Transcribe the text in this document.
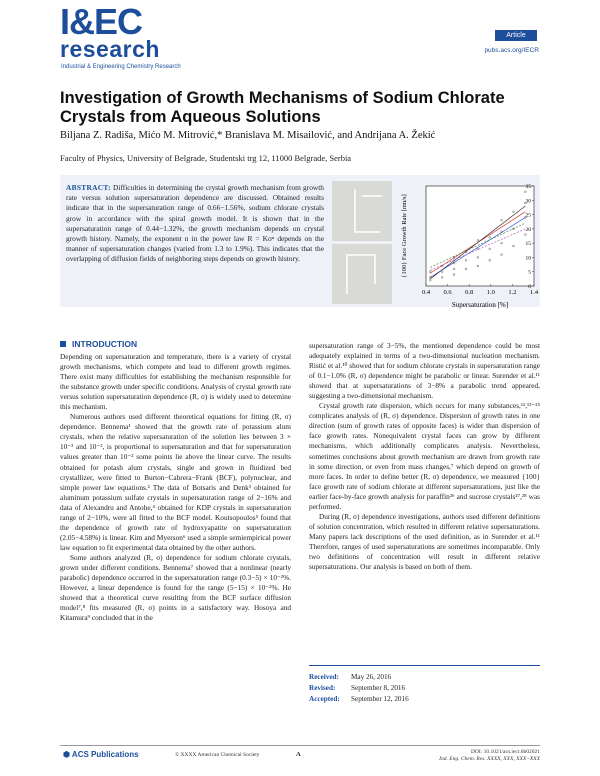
I&EC
research
Industrial & Engineering Chemistry Research
Article
pubs.acs.org/IECR
Investigation of Growth Mechanisms of Sodium Chlorate Crystals from Aqueous Solutions
Biljana Z. Radiša, Mićo M. Mitrović,* Branislava M. Misailović, and Andrijana A. Žekić
Faculty of Physics, University of Belgrade, Studentski trg 12, 11000 Belgrade, Serbia
ABSTRACT: Difficulties in determining the crystal growth mechanism from growth rate versus solution supersaturation dependence are discussed. Obtained results indicate that in the supersaturation range of 0.66−1.56%, sodium chlorate crystals grow in accordance with the spiral growth model. It is shown that in the supersaturation range of 0.44−1.32%, the growth mechanism depends on crystal growth history. Namely, the exponent n in the power law R = Kσⁿ depends on the manner of supersaturation changes (varied from 1.3 to 1.9%). This indicates that the overlapping of diffusion fields of neighboring steps depends on growth history.
0.4 0.6 0.8 1.0 1.2 1.4
0
5
10
15
20
25
30
35
Supersaturation [%]
{100} Face Growth Rate [nm/s]
INTRODUCTION

Depending on supersaturation and temperature, there is a variety of crystal growth mechanisms, which compete and lead to different growth regimes. There exist many difficulties for establishing the mechanism responsible for the substance growth under specific conditions. Analysis of crystal growth rate versus solution supersaturation dependence (R, σ) is widely used to determine this mechanism.

Numerous authors used different theoretical equations for fitting (R, σ) dependence. Bennema¹ showed that the growth rate of potassium alum crystals, when the relative supersaturation of the solution lies between 3 × 10⁻³ and 10⁻², is proportional to supersaturation and that for supersaturation values greater than 10⁻² some points lie above the linear curve. The results obtained for potash alum crystals, single and grown in fluidized bed crystallizer, were fitted to Burton−Cabrera−Frank (BCF), polynuclear, and simple power law equations.² The data of Botsaris and Denk³ obtained for aluminum potassium sulfate crystals in supersaturation range of 2−16% and data of Alexandru and Antohe,⁴ obtained for KDP crystals in supersaturation range of 2−10%, were all fitted to the BCF model. Koutsopoulos⁵ found that the dependence of growth rate of hydroxyapatite on supersaturation (2.05−4.58%) is linear. Kim and Myerson⁶ used a simple semiempirical power law equation to fit experimental data obtained by the other authors.

Some authors analyzed (R, σ) dependence for sodium chlorate crystals, grown under different conditions. Bennema⁷ showed that a nonlinear (nearly parabolic) dependence occurred in the supersaturation range (0.3−5) × 10⁻²%. However, a linear dependence is found for the range (5−15) × 10⁻²%. He showed that a theoretical curve resulting from the BCF surface diffusion model⁷,⁸ fits measured (R, σ) points in a satisfactory way. Hosoya and Kitamura⁹ concluded that in the

supersaturation range of 3−5%, the mentioned dependence could be most adequately explained in terms of a two-dimensional nucleation mechanism. Ristić et al.¹⁰ showed that for sodium chlorate crystals in supersaturation range of 0.1−1.0% (R, σ) dependence might be parabolic or linear. Surender et al.¹¹ showed that at supersaturations of 3−8% a parabolic trend appeared, suggesting a two-dimensional mechanism.

Crystal growth rate dispersion, which occurs for many substances,¹²,¹³⁻²⁵ complicates analysis of (R, σ) dependence. Dispersion of growth rates in one direction (sum of growth rates of opposite faces) is wider than dispersion of face growth rates. Nonequivalent crystal faces can grow by different mechanisms, which additionally complicates analysis. Nevertheless, sometimes conclusions about growth mechanism are drawn from growth rate in some direction, or even from mass changes,⁷ which depend on growth of more faces. In order to define better (R, σ) dependence, we measured {100} face growth rate of sodium chlorate at different supersaturations, just like the earlier face-by-face growth analysis for paraffin²⁶ and sucrose crystals²⁷,²⁸ was performed.

During (R, σ) dependence investigations, authors used different definitions of solution concentration, which resulted in different relative supersaturations. Many papers lack descriptions of the used definition, as in Surender et al.¹¹ Therefore, ranges of used supersaturations are sometimes incomparable. Only two definitions of concentration will result in different relative supersaturations. Our analysis is based on both of them.

Received: May 26, 2016
Revised: September 8, 2016
Accepted: September 12, 2016
⬢ ACS Publications	© XXXX American Chemical Society	A	DOI: 10.1021/acs.iecr.6b02021
Ind. Eng. Chem. Res. XXXX, XXX, XXX−XXX
